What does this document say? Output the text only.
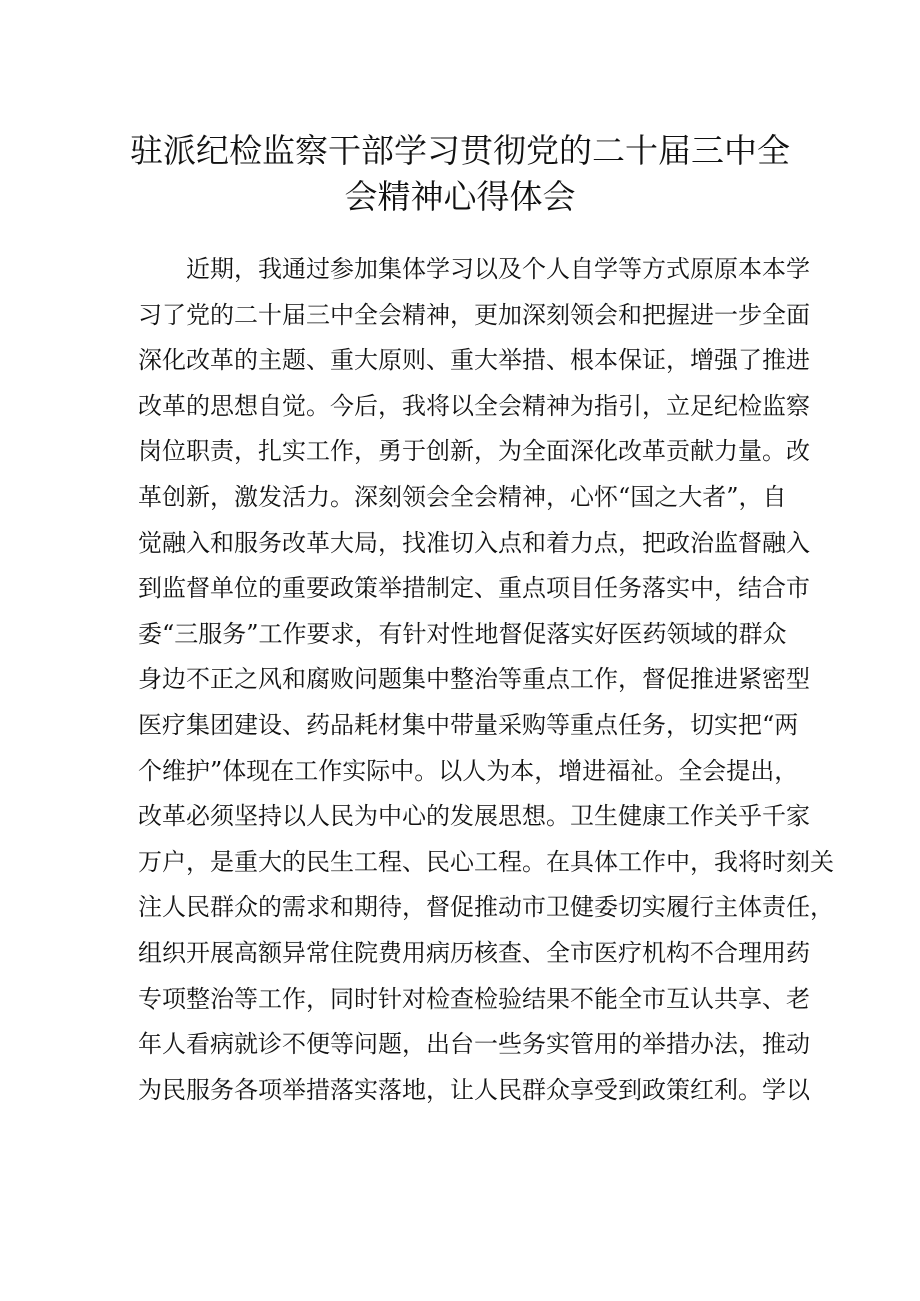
驻派纪检监察干部学习贯彻党的二十届三中全
会精神心得体会
近期，我通过参加集体学习以及个人自学等方式原原本本学
习了党的二十届三中全会精神，更加深刻领会和把握进一步全面
深化改革的主题、重大原则、重大举措、根本保证，增强了推进
改革的思想自觉。今后，我将以全会精神为指引，立足纪检监察
岗位职责，扎实工作，勇于创新，为全面深化改革贡献力量。改
革创新，激发活力。深刻领会全会精神，心怀“国之大者”，自
觉融入和服务改革大局，找准切入点和着力点，把政治监督融入
到监督单位的重要政策举措制定、重点项目任务落实中，结合市
委“三服务”工作要求，有针对性地督促落实好医药领域的群众
身边不正之风和腐败问题集中整治等重点工作，督促推进紧密型
医疗集团建设、药品耗材集中带量采购等重点任务，切实把“两
个维护”体现在工作实际中。以人为本，增进福祉。全会提出，
改革必须坚持以人民为中心的发展思想。卫生健康工作关乎千家
万户，是重大的民生工程、民心工程。在具体工作中，我将时刻关
注人民群众的需求和期待，督促推动市卫健委切实履行主体责任，
组织开展高额异常住院费用病历核查、全市医疗机构不合理用药
专项整治等工作，同时针对检查检验结果不能全市互认共享、老
年人看病就诊不便等问题，出台一些务实管用的举措办法，推动
为民服务各项举措落实落地，让人民群众享受到政策红利。学以
